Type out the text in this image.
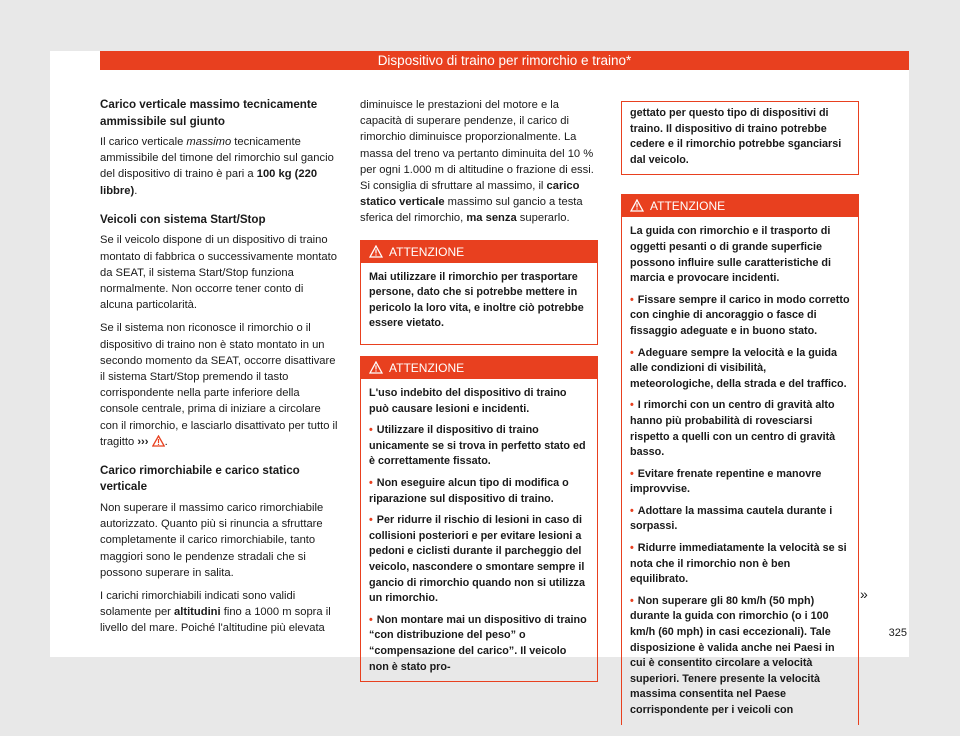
Dispositivo di traino per rimorchio e traino*
Carico verticale massimo tecnicamente ammissibile sul giunto

Il carico verticale massimo tecnicamente ammissibile del timone del rimorchio sul gancio del dispositivo di traino è pari a 100 kg (220 libbre).

Veicoli con sistema Start/Stop

Se il veicolo dispone di un dispositivo di traino montato di fabbrica o successivamente montato da SEAT, il sistema Start/Stop funziona normalmente. Non occorre tener conto di alcuna particolarità.

Se il sistema non riconosce il rimorchio o il dispositivo di traino non è stato montato in un secondo momento da SEAT, occorre disattivare il sistema Start/Stop premendo il tasto corrispondente nella parte inferiore della console centrale, prima di iniziare a circolare con il rimorchio, e lasciarlo disattivato per tutto il tragitto ››› .

Carico rimorchiabile e carico statico verticale

Non superare il massimo carico rimorchiabile autorizzato. Quanto più si rinuncia a sfruttare completamente il carico rimorchiabile, tanto maggiori sono le pendenze stradali che si possono superare in salita.

I carichi rimorchiabili indicati sono validi solamente per altitudini fino a 1000 m sopra il livello del mare. Poiché l'altitudine più elevata

diminuisce le prestazioni del motore e la capacità di superare pendenze, il carico di rimorchio diminuisce proporzionalmente. La massa del treno va pertanto diminuita del 10 % per ogni 1.000 m di altitudine o frazione di essi. Si consiglia di sfruttare al massimo, il carico statico verticale massimo sul gancio a testa sferica del rimorchio, ma senza superarlo.

ATTENZIONE

Mai utilizzare il rimorchio per trasportare persone, dato che si potrebbe mettere in pericolo la loro vita, e inoltre ciò potrebbe essere vietato.

ATTENZIONE

L'uso indebito del dispositivo di traino può causare lesioni e incidenti.

• Utilizzare il dispositivo di traino unicamente se si trova in perfetto stato ed è correttamente fissato.

• Non eseguire alcun tipo di modifica o riparazione sul dispositivo di traino.

• Per ridurre il rischio di lesioni in caso di collisioni posteriori e per evitare lesioni a pedoni e ciclisti durante il parcheggio del veicolo, nascondere o smontare sempre il gancio di rimorchio quando non si utilizza un rimorchio.

• Non montare mai un dispositivo di traino “con distribuzione del peso” o “compensazione del carico”. Il veicolo non è stato pro-

gettato per questo tipo di dispositivi di traino. Il dispositivo di traino potrebbe cedere e il rimorchio potrebbe sganciarsi dal veicolo.

ATTENZIONE

La guida con rimorchio e il trasporto di oggetti pesanti o di grande superficie possono influire sulle caratteristiche di marcia e provocare incidenti.

• Fissare sempre il carico in modo corretto con cinghie di ancoraggio o fasce di fissaggio adeguate e in buono stato.

• Adeguare sempre la velocità e la guida alle condizioni di visibilità, meteorologiche, della strada e del traffico.

• I rimorchi con un centro di gravità alto hanno più probabilità di rovesciarsi rispetto a quelli con un centro di gravità basso.

• Evitare frenate repentine e manovre improvvise.

• Adottare la massima cautela durante i sorpassi.

• Ridurre immediatamente la velocità se si nota che il rimorchio non è ben equilibrato.

• Non superare gli 80 km/h (50 mph) durante la guida con rimorchio (o i 100 km/h (60 mph) in casi eccezionali). Tale disposizione è valida anche nei Paesi in cui è consentito circolare a velocità superiori. Tenere presente la velocità massima consentita nel Paese corrispondente per i veicoli con

»
325
